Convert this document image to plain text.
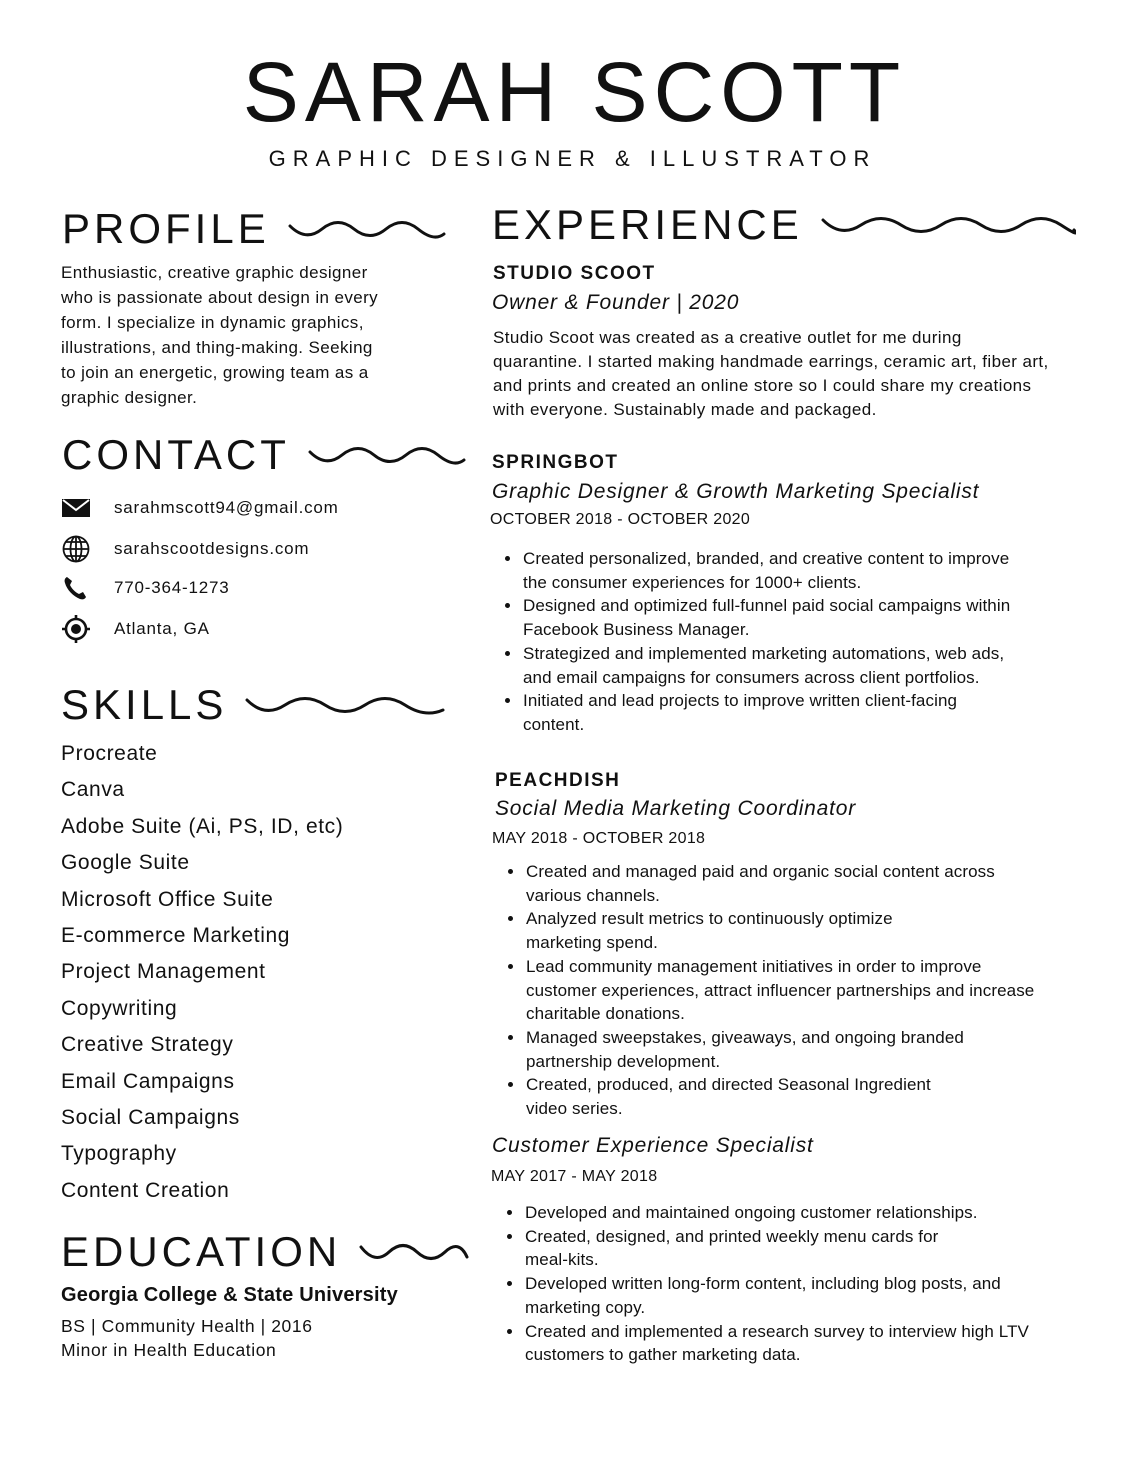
SARAH SCOTT
GRAPHIC DESIGNER & ILLUSTRATOR
PROFILE
Enthusiastic, creative graphic designer
who is passionate about design in every
form. I specialize in dynamic graphics,
illustrations, and thing-making. Seeking
to join an energetic, growing team as a
graphic designer.
CONTACT
sarahmscott94@gmail.com
sarahscootdesigns.com
770-364-1273
Atlanta, GA
SKILLS
Procreate
Canva
Adobe Suite (Ai, PS, ID, etc)
Google Suite
Microsoft Office Suite
E-commerce Marketing
Project Management
Copywriting
Creative Strategy
Email Campaigns
Social Campaigns
Typography
Content Creation
EDUCATION
Georgia College & State University
BS | Community Health | 2016
Minor in Health Education
EXPERIENCE
STUDIO SCOOT
Owner & Founder | 2020
Studio Scoot was created as a creative outlet for me during
quarantine. I started making handmade earrings, ceramic art, fiber art,
and prints and created an online store so I could share my creations
with everyone. Sustainably made and packaged.
SPRINGBOT
Graphic Designer & Growth Marketing Specialist
OCTOBER 2018 - OCTOBER 2020
• Created personalized, branded, and creative content to improve
the consumer experiences for 1000+ clients.
• Designed and optimized full-funnel paid social campaigns within
Facebook Business Manager.
• Strategized and implemented marketing automations, web ads,
and email campaigns for consumers across client portfolios.
• Initiated and lead projects to improve written client-facing
content.
PEACHDISH
Social Media Marketing Coordinator
MAY 2018 - OCTOBER 2018
• Created and managed paid and organic social content across
various channels.
• Analyzed result metrics to continuously optimize
marketing spend.
• Lead community management initiatives in order to improve
customer experiences, attract influencer partnerships and increase
charitable donations.
• Managed sweepstakes, giveaways, and ongoing branded
partnership development.
• Created, produced, and directed Seasonal Ingredient
video series.
Customer Experience Specialist
MAY 2017 - MAY 2018
• Developed and maintained ongoing customer relationships.
• Created, designed, and printed weekly menu cards for
meal-kits.
• Developed written long-form content, including blog posts, and
marketing copy.
• Created and implemented a research survey to interview high LTV
customers to gather marketing data.
